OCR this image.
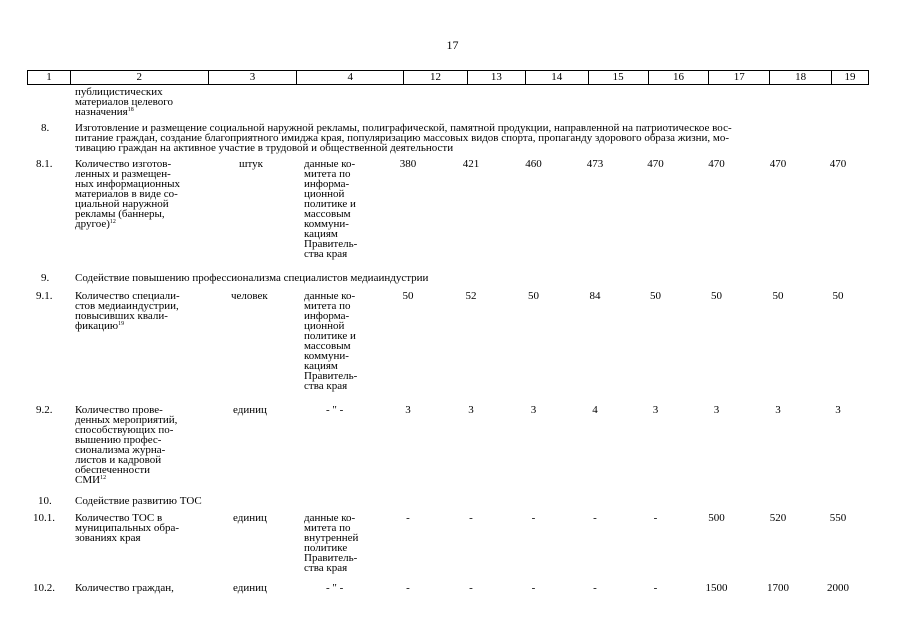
17
1	2	3	4	12	13	14	15	16	17	18	19
публицистических
материалов целевого
назначения$^{18}$
8. Изготовление и размещение социальной наружной рекламы, полиграфической, памятной продукции, направленной на патриотическое вос-
питание граждан, создание благоприятного имиджа края, популяризацию массовых видов спорта, пропаганду здорового образа жизни, мо-
тивацию граждан на активное участие в трудовой и общественной деятельности
8.1. Количество изготов-
ленных и размещен-
ных информационных
материалов в виде со-
циальной наружной
рекламы (баннеры,
другое)$^{12}$
штук	данные ко-
митета по
информа-
ционной
политике и
массовым
коммуни-
кациям
Правитель-
ства края
380	421	460	473	470	470	470	470
9. Содействие повышению профессионализма специалистов медиаиндустрии
9.1. Количество специали-
стов медиаиндустрии,
повысивших квали-
фикацию$^{19}$
человек	данные ко-
митета по
информа-
ционной
политике и
массовым
коммуни-
кациям
Правитель-
ства края
50	52	50	84	50	50	50	50
9.2. Количество прове-
денных мероприятий,
способствующих по-
вышению профес-
сионализма журна-
листов и кадровой
обеспеченности
СМИ$^{12}$
единиц	- " -	3	3	3	4	3	3	3	3
10. Содействие развитию ТОС
10.1. Количество ТОС в
муниципальных обра-
зованиях края
единиц	данные ко-
митета по
внутренней
политике
Правитель-
ства края
-	-	-	-	-	500	520	550
10.2. Количество граждан,	единиц	- " -	-	-	-	-	-	1500	1700	2000
